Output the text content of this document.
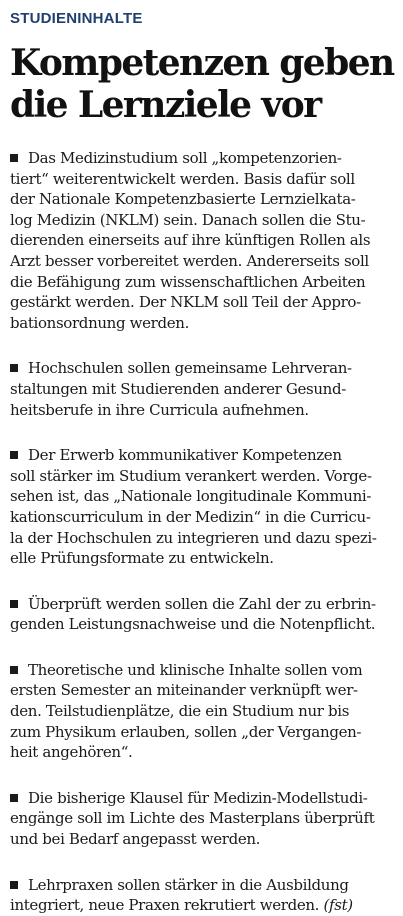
STUDIENINHALTE
Kompetenzen geben
die Lernziele vor
Das Medizinstudium soll „kompetenzorien-
tiert“ weiterentwickelt werden. Basis dafür soll
der Nationale Kompetenzbasierte Lernzielkata-
log Medizin (NKLM) sein. Danach sollen die Stu-
dierenden einerseits auf ihre künftigen Rollen als
Arzt besser vorbereitet werden. Andererseits soll
die Befähigung zum wissenschaftlichen Arbeiten
gestärkt werden. Der NKLM soll Teil der Appro-
bationsordnung werden.
Hochschulen sollen gemeinsame Lehrveran-
staltungen mit Studierenden anderer Gesund-
heitsberufe in ihre Curricula aufnehmen.
Der Erwerb kommunikativer Kompetenzen
soll stärker im Studium verankert werden. Vorge-
sehen ist, das „Nationale longitudinale Kommuni-
kationscurriculum in der Medizin“ in die Curricu-
la der Hochschulen zu integrieren und dazu spezi-
elle Prüfungsformate zu entwickeln.
Überprüft werden sollen die Zahl der zu erbrin-
genden Leistungsnachweise und die Notenpflicht.
Theoretische und klinische Inhalte sollen vom
ersten Semester an miteinander verknüpft wer-
den. Teilstudienplätze, die ein Studium nur bis
zum Physikum erlauben, sollen „der Vergangen-
heit angehören“.
Die bisherige Klausel für Medizin-Modellstudi-
engänge soll im Lichte des Masterplans überprüft
und bei Bedarf angepasst werden.
Lehrpraxen sollen stärker in die Ausbildung
integriert, neue Praxen rekrutiert werden. (fst)
